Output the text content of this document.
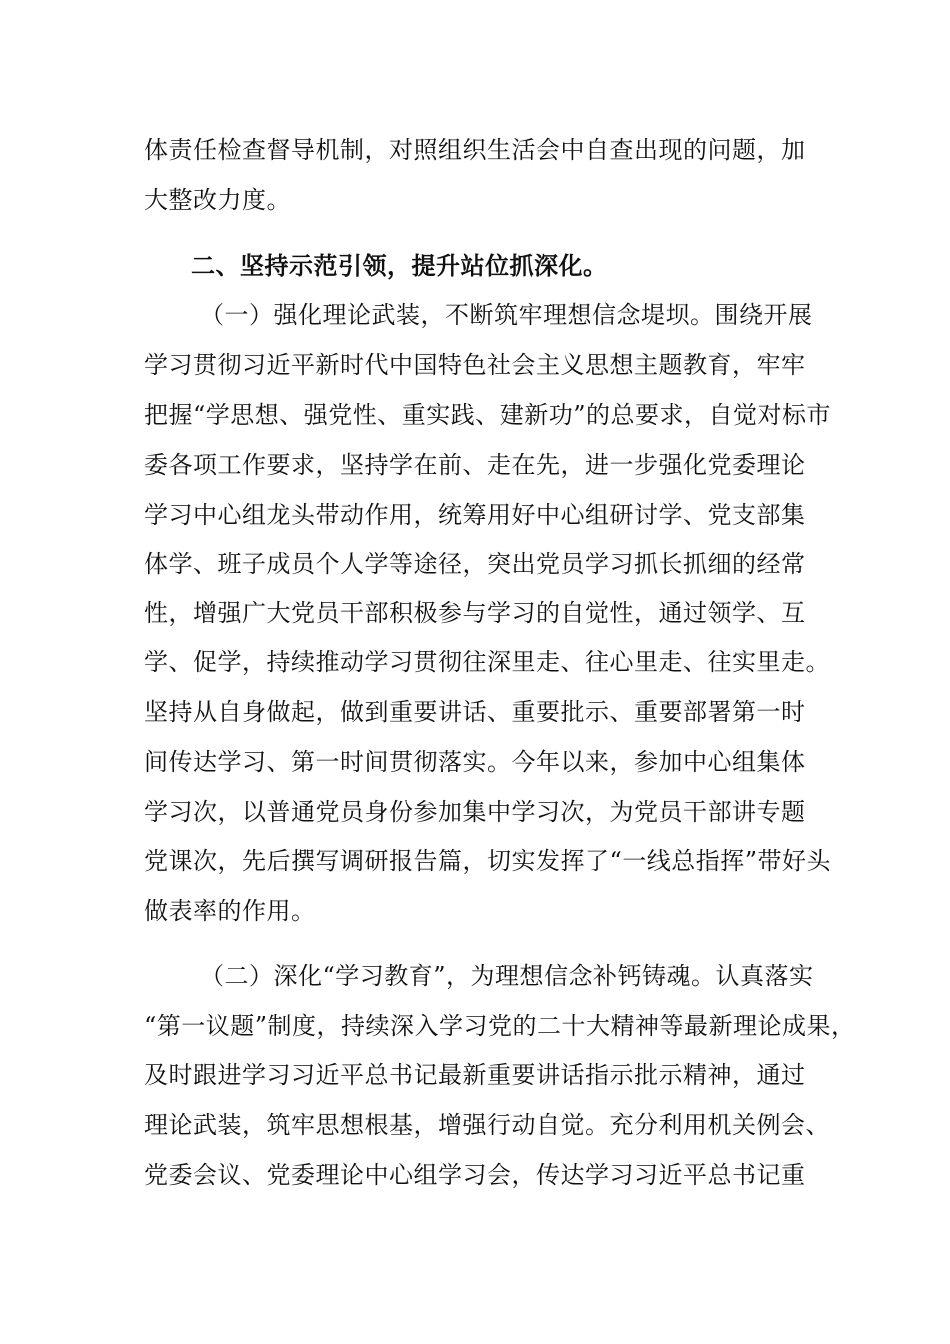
体责任检查督导机制，对照组织生活会中自查出现的问题，加
大整改力度。
二、坚持示范引领，提升站位抓深化。
（一）强化理论武装，不断筑牢理想信念堤坝。围绕开展
学习贯彻习近平新时代中国特色社会主义思想主题教育，牢牢
把握“学思想、强党性、重实践、建新功”的总要求，自觉对标市
委各项工作要求，坚持学在前、走在先，进一步强化党委理论
学习中心组龙头带动作用，统筹用好中心组研讨学、党支部集
体学、班子成员个人学等途径，突出党员学习抓长抓细的经常
性，增强广大党员干部积极参与学习的自觉性，通过领学、互
学、促学，持续推动学习贯彻往深里走、往心里走、往实里走。
坚持从自身做起，做到重要讲话、重要批示、重要部署第一时
间传达学习、第一时间贯彻落实。今年以来，参加中心组集体
学习次，以普通党员身份参加集中学习次，为党员干部讲专题
党课次，先后撰写调研报告篇，切实发挥了“一线总指挥”带好头
做表率的作用。
（二）深化“学习教育”，为理想信念补钙铸魂。认真落实
“第一议题”制度，持续深入学习党的二十大精神等最新理论成果，
及时跟进学习习近平总书记最新重要讲话指示批示精神，通过
理论武装，筑牢思想根基，增强行动自觉。充分利用机关例会、
党委会议、党委理论中心组学习会，传达学习习近平总书记重
